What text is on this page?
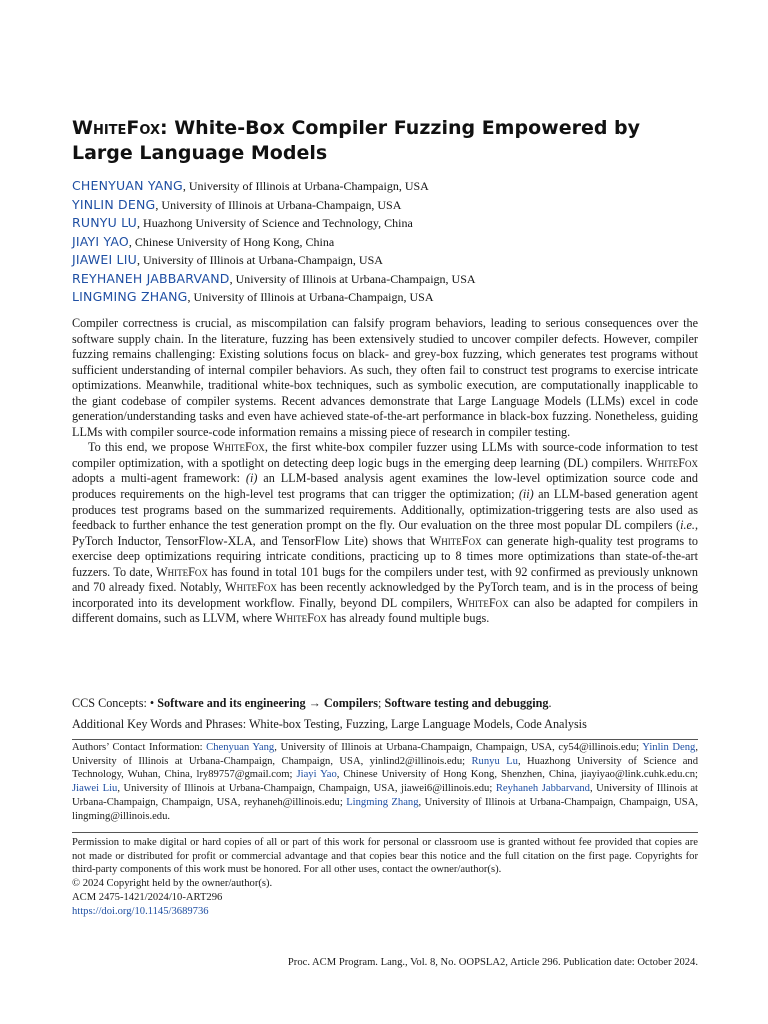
WhiteFox: White-Box Compiler Fuzzing Empowered by
Large Language Models
CHENYUAN YANG, University of Illinois at Urbana-Champaign, USA
YINLIN DENG, University of Illinois at Urbana-Champaign, USA
RUNYU LU, Huazhong University of Science and Technology, China
JIAYI YAO, Chinese University of Hong Kong, China
JIAWEI LIU, University of Illinois at Urbana-Champaign, USA
REYHANEH JABBARVAND, University of Illinois at Urbana-Champaign, USA
LINGMING ZHANG, University of Illinois at Urbana-Champaign, USA

Compiler correctness is crucial, as miscompilation can falsify program behaviors, leading to serious consequences over the software supply chain. In the literature, fuzzing has been extensively studied to uncover compiler defects. However, compiler fuzzing remains challenging: Existing solutions focus on black- and grey-box fuzzing, which generates test programs without sufficient understanding of internal compiler behaviors. As such, they often fail to construct test programs to exercise intricate optimizations. Meanwhile, traditional white-box techniques, such as symbolic execution, are computationally inapplicable to the giant codebase of compiler systems. Recent advances demonstrate that Large Language Models (LLMs) excel in code generation/understanding tasks and even have achieved state-of-the-art performance in black-box fuzzing. Nonetheless, guiding LLMs with compiler source-code information remains a missing piece of research in compiler testing.

To this end, we propose WhiteFox, the first white-box compiler fuzzer using LLMs with source-code information to test compiler optimization, with a spotlight on detecting deep logic bugs in the emerging deep learning (DL) compilers. WhiteFox adopts a multi-agent framework: (i) an LLM-based analysis agent examines the low-level optimization source code and produces requirements on the high-level test programs that can trigger the optimization; (ii) an LLM-based generation agent produces test programs based on the summarized requirements. Additionally, optimization-triggering tests are also used as feedback to further enhance the test generation prompt on the fly. Our evaluation on the three most popular DL compilers (i.e., PyTorch Inductor, TensorFlow-XLA, and TensorFlow Lite) shows that WhiteFox can generate high-quality test programs to exercise deep optimizations requiring intricate conditions, practicing up to 8 times more optimizations than state-of-the-art fuzzers. To date, WhiteFox has found in total 101 bugs for the compilers under test, with 92 confirmed as previously unknown and 70 already fixed. Notably, WhiteFox has been recently acknowledged by the PyTorch team, and is in the process of being incorporated into its development workflow. Finally, beyond DL compilers, WhiteFox can also be adapted for compilers in different domains, such as LLVM, where WhiteFox has already found multiple bugs.

CCS Concepts: • Software and its engineering → Compilers; Software testing and debugging.
Additional Key Words and Phrases: White-box Testing, Fuzzing, Large Language Models, Code Analysis
Authors’ Contact Information: Chenyuan Yang, University of Illinois at Urbana-Champaign, Champaign, USA, cy54@illinois.edu; Yinlin Deng, University of Illinois at Urbana-Champaign, Champaign, USA, yinlind2@illinois.edu; Runyu Lu, Huazhong University of Science and Technology, Wuhan, China, lry89757@gmail.com; Jiayi Yao, Chinese University of Hong Kong, Shenzhen, China, jiayiyao@link.cuhk.edu.cn; Jiawei Liu, University of Illinois at Urbana-Champaign, Champaign, USA, jiawei6@illinois.edu; Reyhaneh Jabbarvand, University of Illinois at Urbana-Champaign, Champaign, USA, reyhaneh@illinois.edu; Lingming Zhang, University of Illinois at Urbana-Champaign, Champaign, USA, lingming@illinois.edu.

Permission to make digital or hard copies of all or part of this work for personal or classroom use is granted without fee provided that copies are not made or distributed for profit or commercial advantage and that copies bear this notice and the full citation on the first page. Copyrights for third-party components of this work must be honored. For all other uses, contact the owner/author(s).

© 2024 Copyright held by the owner/author(s).

ACM 2475-1421/2024/10-ART296

https://doi.org/10.1145/3689736

Proc. ACM Program. Lang., Vol. 8, No. OOPSLA2, Article 296. Publication date: October 2024.
